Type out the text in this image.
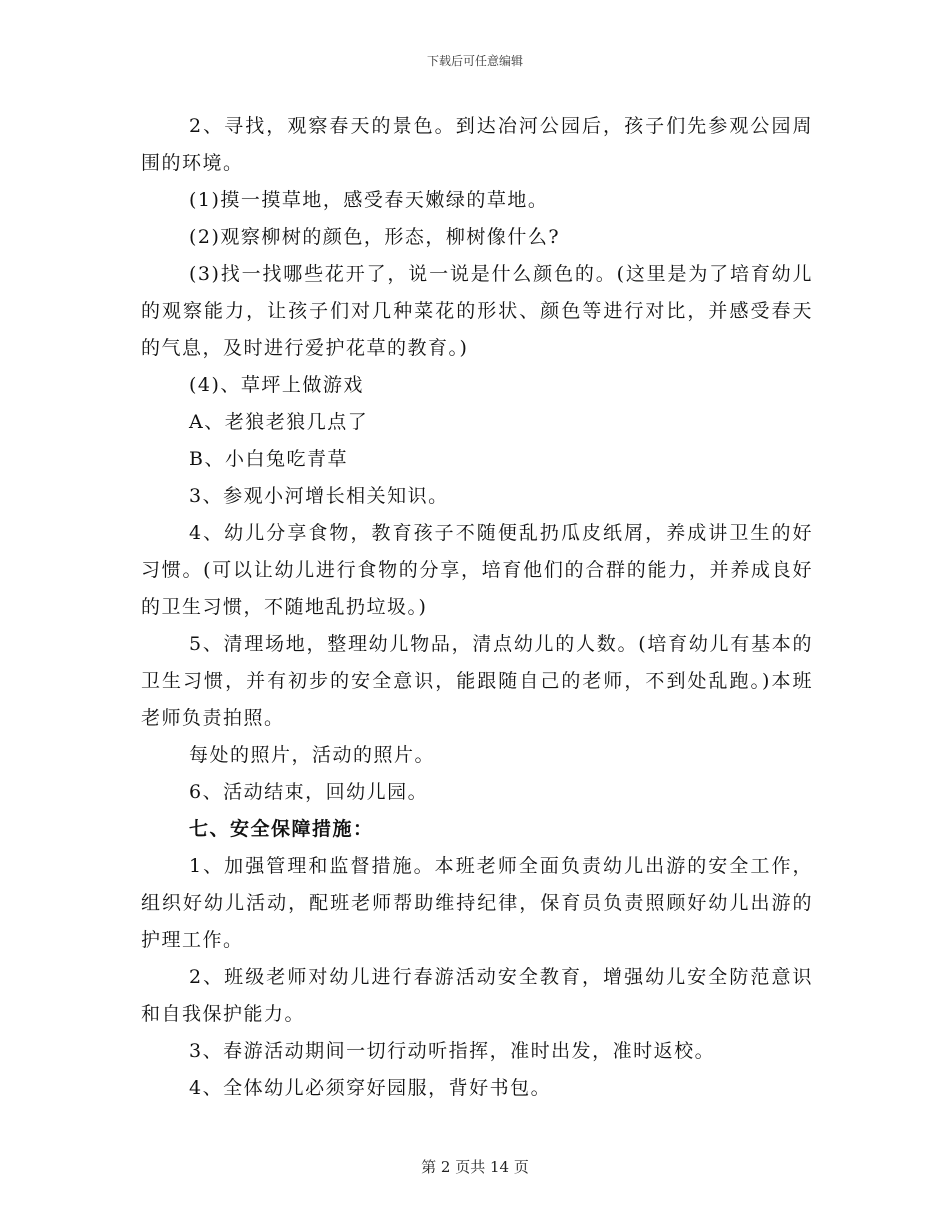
下载后可任意编辑

2、寻找，观察春天的景色。到达冶河公园后，孩子们先参观公园周围的环境。

(1)摸一摸草地，感受春天嫩绿的草地。

(2)观察柳树的颜色，形态，柳树像什么?

(3)找一找哪些花开了，说一说是什么颜色的。(这里是为了培育幼儿的观察能力，让孩子们对几种菜花的形状、颜色等进行对比，并感受春天的气息，及时进行爱护花草的教育。)

(4)、草坪上做游戏

A、老狼老狼几点了

B、小白兔吃青草

3、参观小河增长相关知识。

4、幼儿分享食物，教育孩子不随便乱扔瓜皮纸屑，养成讲卫生的好习惯。(可以让幼儿进行食物的分享，培育他们的合群的能力，并养成良好的卫生习惯，不随地乱扔垃圾。)

5、清理场地，整理幼儿物品，清点幼儿的人数。(培育幼儿有基本的卫生习惯，并有初步的安全意识，能跟随自己的老师，不到处乱跑。)本班老师负责拍照。

每处的照片，活动的照片。

6、活动结束，回幼儿园。

七、安全保障措施：

1、加强管理和监督措施。本班老师全面负责幼儿出游的安全工作，组织好幼儿活动，配班老师帮助维持纪律，保育员负责照顾好幼儿出游的护理工作。

2、班级老师对幼儿进行春游活动安全教育，增强幼儿安全防范意识和自我保护能力。

3、春游活动期间一切行动听指挥，准时出发，准时返校。

4、全体幼儿必须穿好园服，背好书包。

第 2 页共 14 页
